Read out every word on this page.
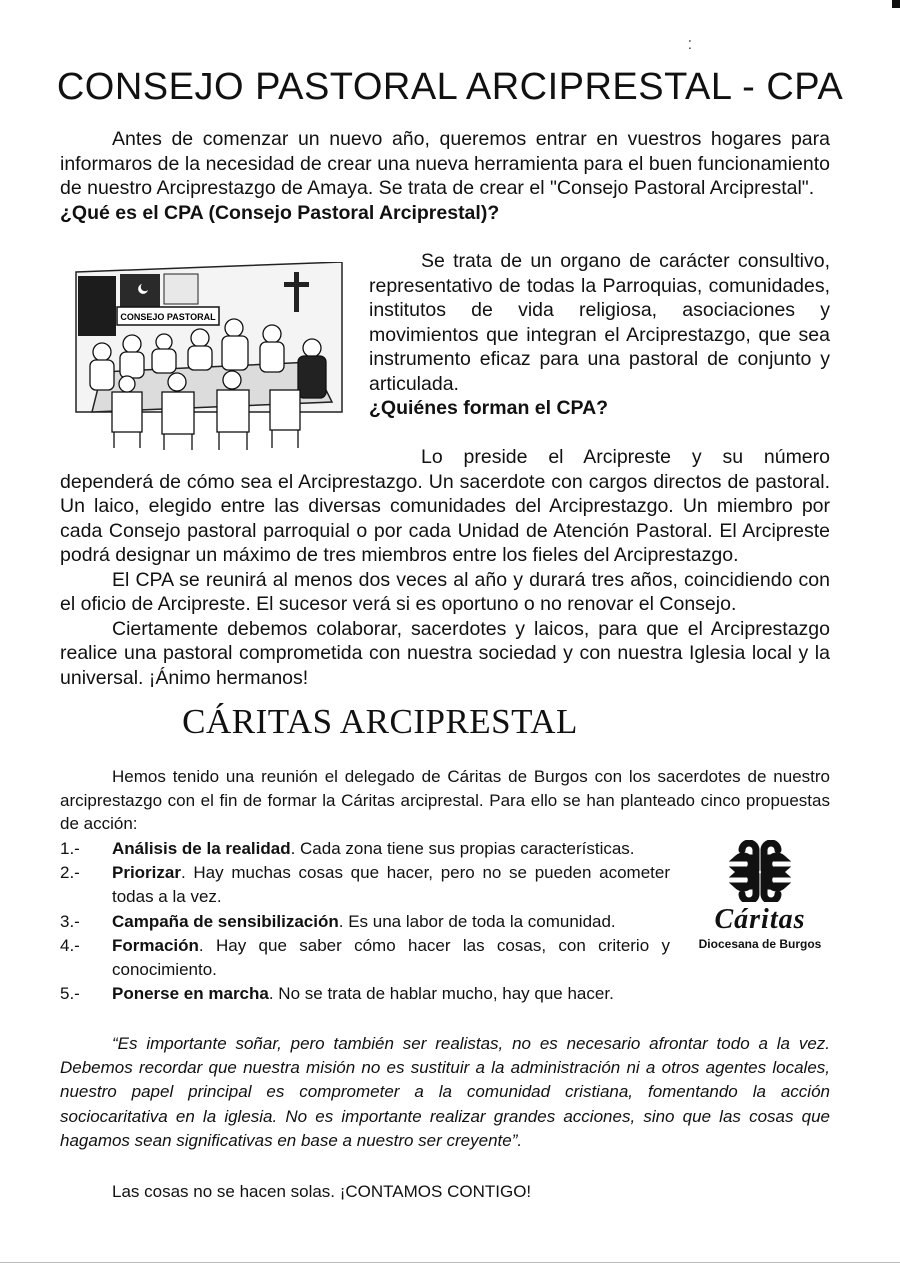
⁚
CONSEJO PASTORAL ARCIPRESTAL - CPA

Antes de comenzar un nuevo año, queremos entrar en vuestros hogares para informaros de la necesidad de crear una nueva herramienta para el buen funcionamiento de nuestro Arciprestazgo de Amaya. Se trata de crear el "Consejo Pastoral Arciprestal".

¿Qué es el CPA (Consejo Pastoral Arciprestal)?

CONSEJO PASTORAL

Se trata de un organo de carácter consultivo, representativo de todas la Parroquias, comunidades, institutos de vida religiosa, asociaciones y movimientos que integran el Arciprestazgo, que sea instrumento eficaz para una pastoral de conjunto y articulada.

¿Quiénes forman el CPA?

Lo preside el Arcipreste y su número dependerá de cómo sea el Arciprestazgo. Un sacerdote con cargos directos de pastoral. Un laico, elegido entre las diversas comunidades del Arciprestazgo. Un miembro por cada Consejo pastoral parroquial o por cada Unidad de Atención Pastoral. El Arcipreste podrá designar un máximo de tres miembros entre los fieles del Arciprestazgo.

El CPA se reunirá al menos dos veces al año y durará tres años, coincidiendo con el oficio de Arcipreste. El sucesor verá si es oportuno o no renovar el Consejo.

Ciertamente debemos colaborar, sacerdotes y laicos, para que el Arciprestazgo realice una pastoral comprometida con nuestra sociedad y con nuestra Iglesia local y la universal. ¡Ánimo hermanos!

CÁRITAS ARCIPRESTAL

Hemos tenido una reunión el delegado de Cáritas de Burgos con los sacerdotes de nuestro arciprestazgo con el fin de formar la Cáritas arciprestal. Para ello se han planteado cinco propuestas de acción:

1.-	Análisis de la realidad. Cada zona tiene sus propias características.
2.-	Priorizar. Hay muchas cosas que hacer, pero no se pueden acometer todas a la vez.
3.-	Campaña de sensibilización. Es una labor de toda la comunidad.
4.-	Formación. Hay que saber cómo hacer las cosas, con criterio y conocimiento.
5.-	Ponerse en marcha. No se trata de hablar mucho, hay que hacer.
Cáritas
Diocesana de Burgos

“Es importante soñar, pero también ser realistas, no es necesario afrontar todo a la vez. Debemos recordar que nuestra misión no es sustituir a la administración ni a otros agentes locales, nuestro papel principal es comprometer a la comunidad cristiana, fomentando la acción sociocaritativa en la iglesia. No es importante realizar grandes acciones, sino que las cosas que hagamos sean significativas en base a nuestro ser creyente”.

Las cosas no se hacen solas. ¡CONTAMOS CONTIGO!
